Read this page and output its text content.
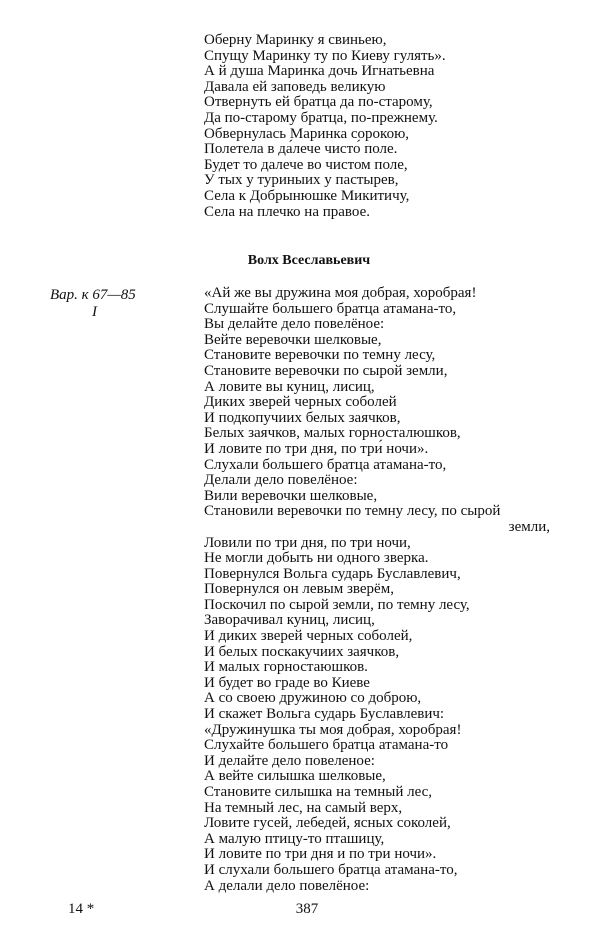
Оберну Маринку я свиньею,
Спущу Маринку ту по Киеву гулять».
А й душа Маринка дочь Игнатьевна
Давала ей заповедь великую
Отвернуть ей братца да по-старому,
Да по-старому братца, по-прежнему.
Обвернулась Маринка сорокою,
Полетела в да́лече чисто́ поле.
Будет то далече во чистом поле,
У тых у туриныих у пастырев,
Села к Добрынюшке Микитичу,
Села на плечко на правое.
Волх Всеславьевич
Вар. к 67—85
I
«Ай же вы дружина моя добрая, хоробрая!
Слушайте большего братца атамана-то,
Вы делайте дело повелёное:
Вейте веревочки шелковые,
Становите веревочки по темну лесу,
Становите веревочки по сырой земли,
А ловите вы куниц, лисиц,
Диких зверей черных соболей
И подкопучиих белых заячков,
Белых заячков, малых горносталюшков,
И ловите по три дня, по три́ ночи».
Слухали большего братца атамана-то,
Делали дело повелёное:
Вили веревочки шелковые,
Становили веревочки по темну лесу, по сырой
земли,
Ловили по три дня, по три ночи,
Не могли добыть ни одного зверка.
Повернулся Вольга сударь Буславлевич,
Повернулся он левым зверём,
Поскочил по сырой земли, по темну лесу,
Заворачивал куниц, лисиц,
И диких зверей черных соболей,
И белых поскакучиих заячков,
И малых горностаюшков.
И будет во граде во Киеве
А со своею дружиною со доброю,
И скажет Вольга сударь Буславлевич:
«Дружинушка ты моя добрая, хоробрая!
Слухайте большего братца атамана-то
И делайте дело повеленое:
А вейте силышка шелковые,
Становите силышка на темный лес,
На темный лес, на самый верх,
Ловите гусей, лебедей, ясных соколей,
А малую птицу-то пташицу,
И ловите по три дня и по три ночи».
И слухали большего братца атамана-то,
А делали дело повелёное:
14 *	387
